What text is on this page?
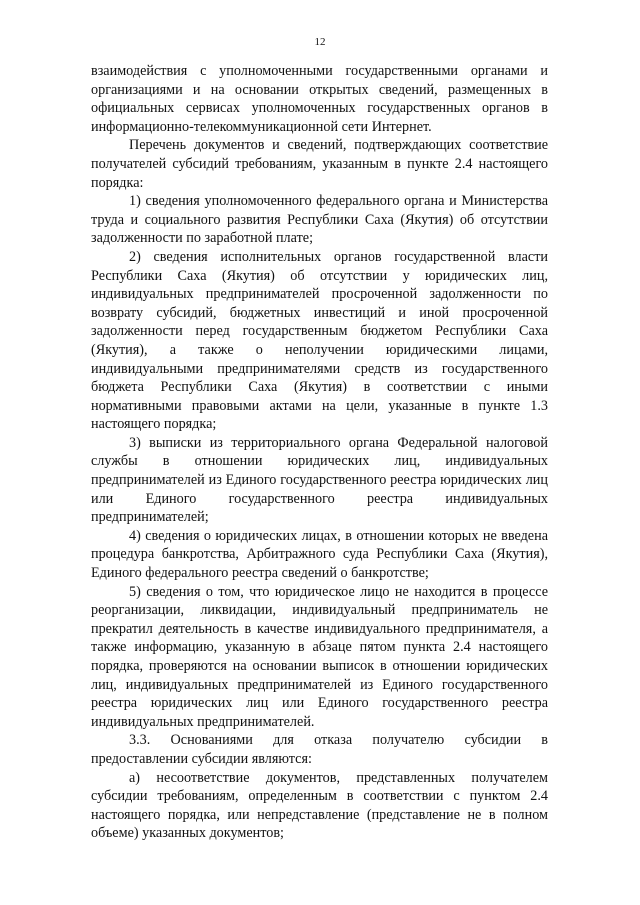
12

взаимодействия с уполномоченными государственными органами и организациями и на основании открытых сведений, размещенных в официальных сервисах уполномоченных государственных органов в информационно-телекоммуникационной сети Интернет.

Перечень документов и сведений, подтверждающих соответствие получателей субсидий требованиям, указанным в пункте 2.4 настоящего порядка:

1) сведения уполномоченного федерального органа и Министерства труда и социального развития Республики Саха (Якутия) об отсутствии задолженности по заработной плате;

2) сведения исполнительных органов государственной власти Республики Саха (Якутия) об отсутствии у юридических лиц, индивидуальных предпринимателей просроченной задолженности по возврату субсидий, бюджетных инвестиций и иной просроченной задолженности перед государственным бюджетом Республики Саха (Якутия), а также о неполучении юридическими лицами, индивидуальными предпринимателями средств из государственного бюджета Республики Саха (Якутия) в соответствии с иными нормативными правовыми актами на цели, указанные в пункте 1.3 настоящего порядка;

3) выписки из территориального органа Федеральной налоговой службы в отношении юридических лиц, индивидуальных предпринимателей из Единого государственного реестра юридических лиц или Единого государственного реестра индивидуальных предпринимателей;

4) сведения о юридических лицах, в отношении которых не введена процедура банкротства, Арбитражного суда Республики Саха (Якутия), Единого федерального реестра сведений о банкротстве;

5) сведения о том, что юридическое лицо не находится в процессе реорганизации, ликвидации, индивидуальный предприниматель не прекратил деятельность в качестве индивидуального предпринимателя, а также информацию, указанную в абзаце пятом пункта 2.4 настоящего порядка, проверяются на основании выписок в отношении юридических лиц, индивидуальных предпринимателей из Единого государственного реестра юридических лиц или Единого государственного реестра индивидуальных предпринимателей.

3.3. Основаниями для отказа получателю субсидии в предоставлении субсидии являются:

а) несоответствие документов, представленных получателем субсидии требованиям, определенным в соответствии с пунктом 2.4 настоящего порядка, или непредставление (представление не в полном объеме) указанных документов;
